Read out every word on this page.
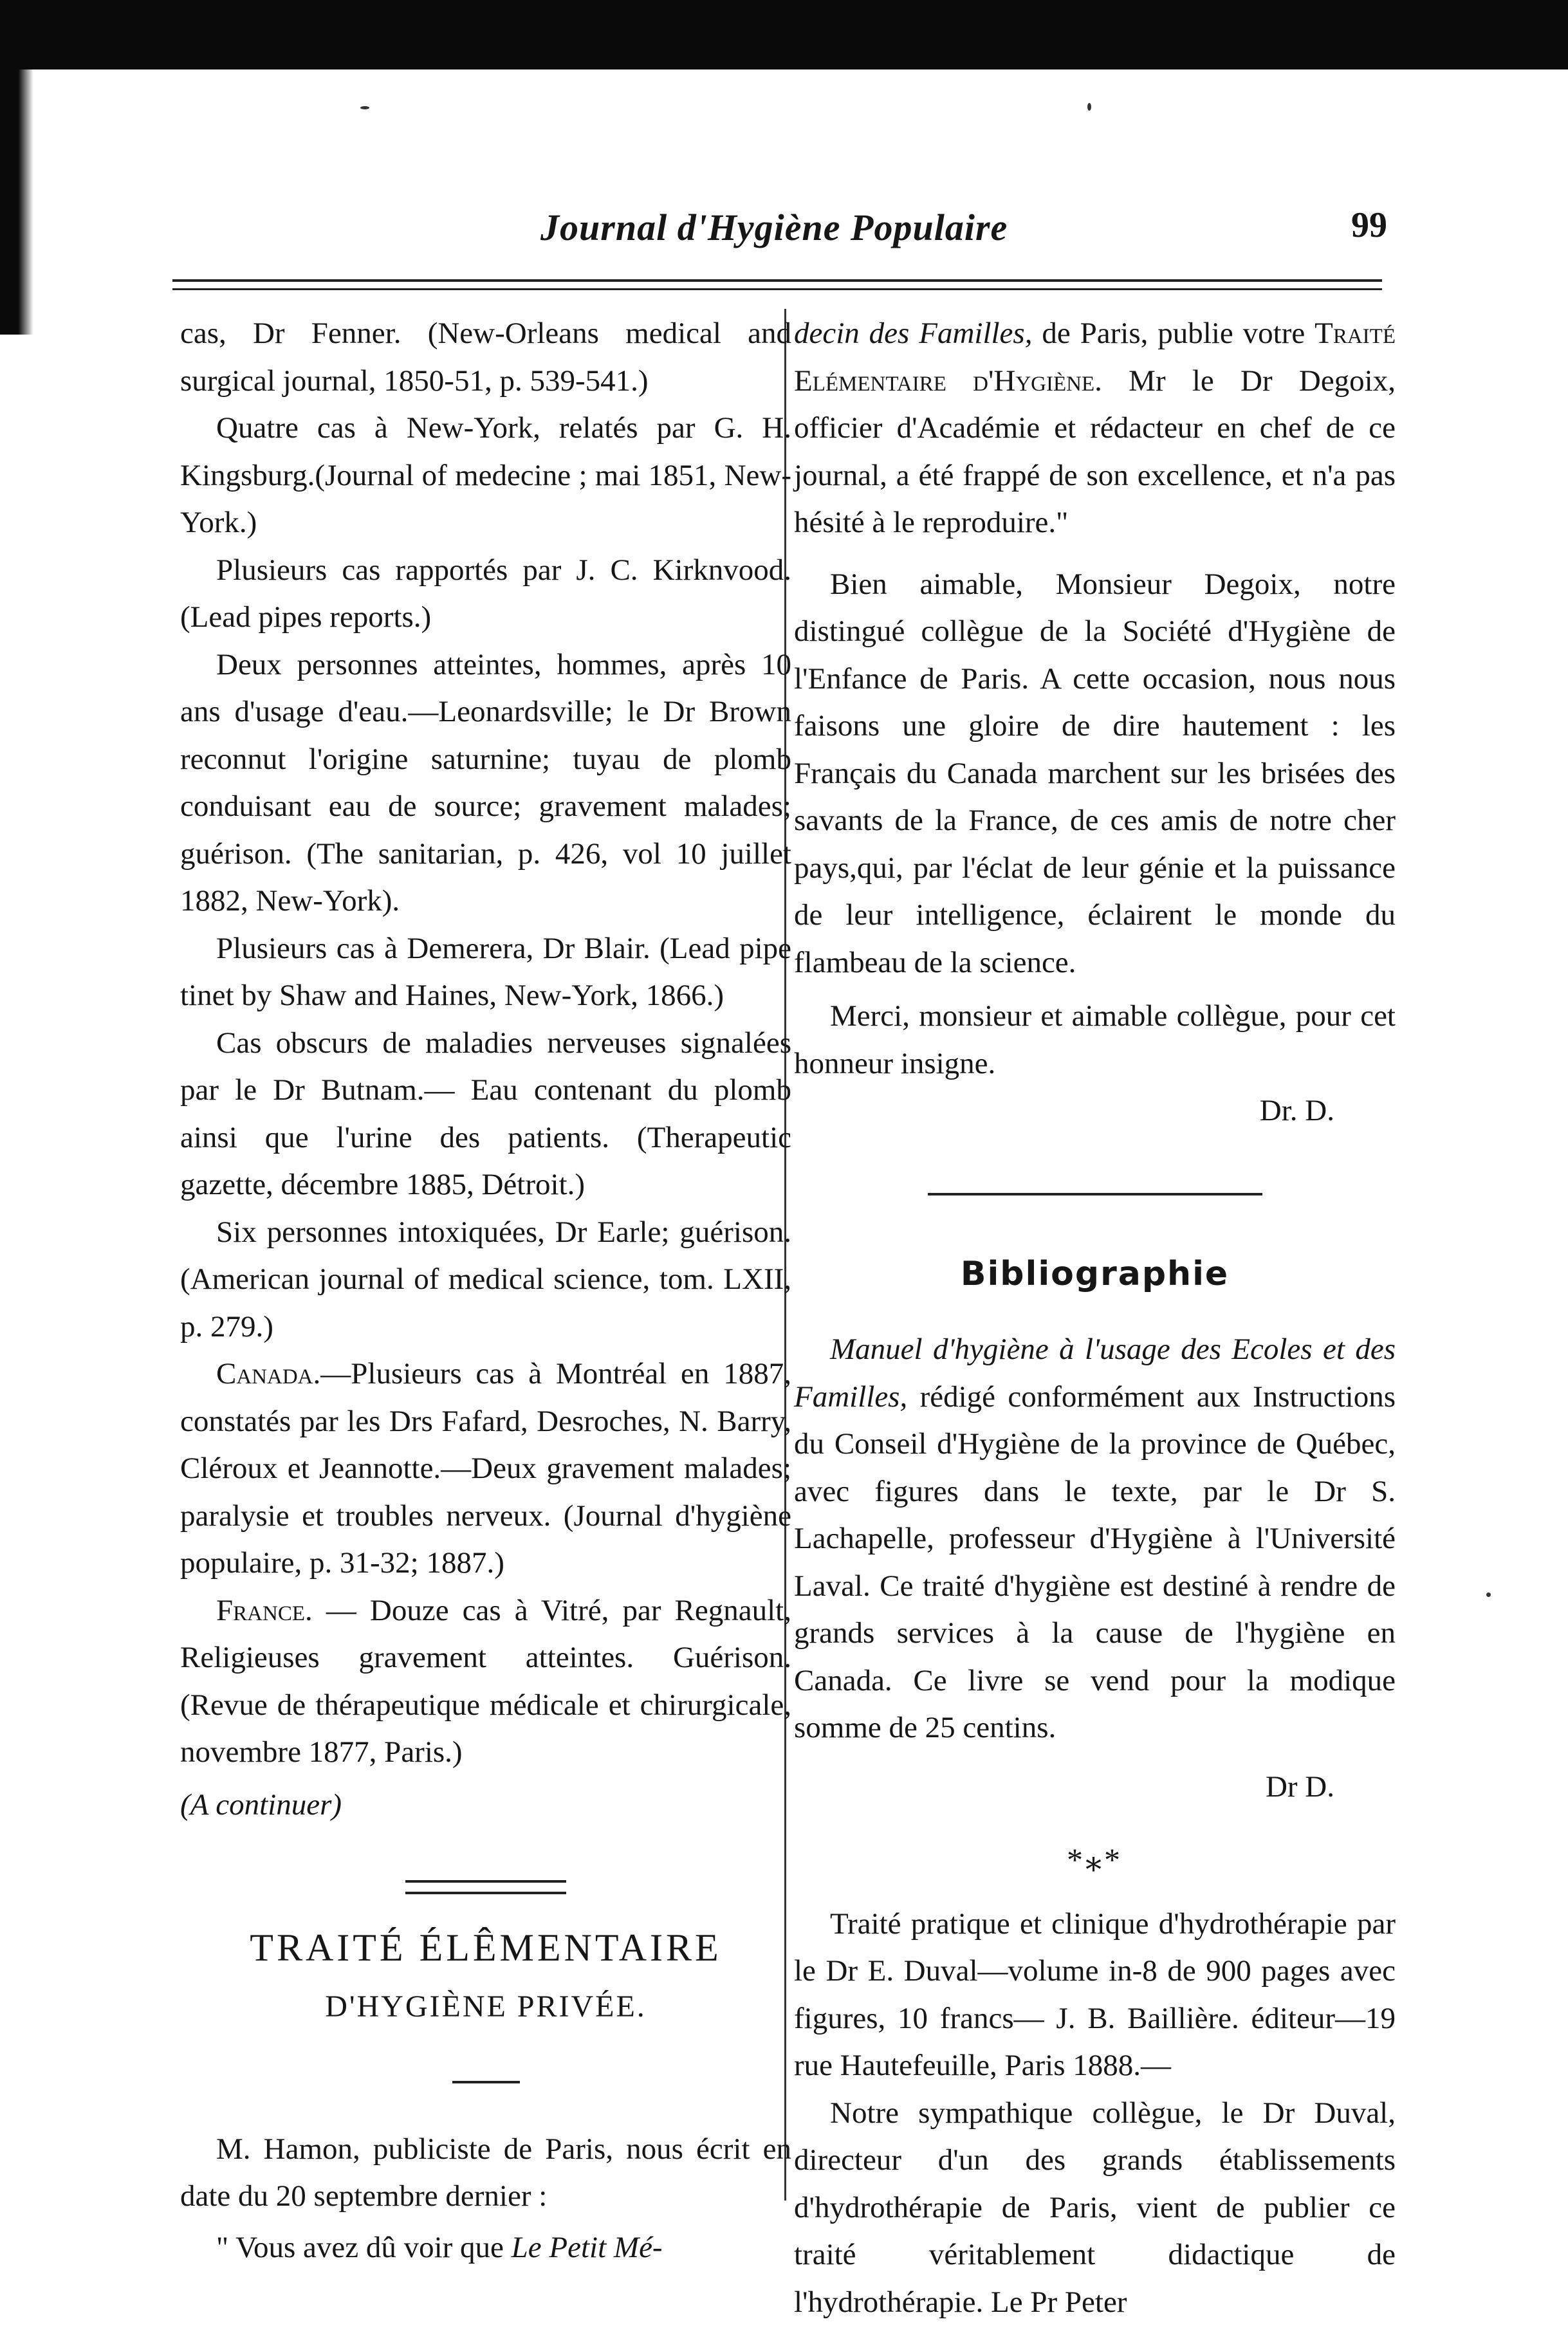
Journal d'Hygiène Populaire	99

cas, Dr Fenner. (New-Orleans medical and surgical journal, 1850-51, p. 539-541.)

Quatre cas à New-York, relatés par G. H. Kingsburg.(Journal of medecine ; mai 1851, New-York.)

Plusieurs cas rapportés par J. C. Kirknvood. (Lead pipes reports.)

Deux personnes atteintes, hommes, après 10 ans d'usage d'eau.—Leonardsville; le Dr Brown reconnut l'origine saturnine; tuyau de plomb conduisant eau de source; gravement malades; guérison. (The sanitarian, p. 426, vol 10 juillet 1882, New-York).

Plusieurs cas à Demerera, Dr Blair. (Lead pipe tinet by Shaw and Haines, New-York, 1866.)

Cas obscurs de maladies nerveuses signalées par le Dr Butnam.— Eau contenant du plomb ainsi que l'urine des patients. (Therapeutic gazette, décembre 1885, Détroit.)

Six personnes intoxiquées, Dr Earle; guérison. (American journal of medical science, tom. LXII, p. 279.)

Canada.—Plusieurs cas à Montréal en 1887, constatés par les Drs Fafard, Desroches, N. Barry, Cléroux et Jeannotte.—Deux gravement malades; paralysie et troubles nerveux. (Journal d'hygiène populaire, p. 31-32; 1887.)

France. — Douze cas à Vitré, par Regnault, Religieuses gravement atteintes. Guérison. (Revue de thérapeutique médicale et chirurgicale, novembre 1877, Paris.)

(A continuer)

TRAITÉ ÉLÊMENTAIRE

D'HYGIÈNE PRIVÉE.

M. Hamon, publiciste de Paris, nous écrit en date du 20 septembre dernier :

" Vous avez dû voir que Le Petit Mé-

decin des Familles, de Paris, publie votre Traité Elémentaire d'Hygiène. Mr le Dr Degoix, officier d'Académie et rédacteur en chef de ce journal, a été frappé de son excellence, et n'a pas hésité à le reproduire."

Bien aimable, Monsieur Degoix, notre distingué collègue de la Société d'Hygiène de l'Enfance de Paris. A cette occasion, nous nous faisons une gloire de dire hautement : les Français du Canada marchent sur les brisées des savants de la France, de ces amis de notre cher pays,qui, par l'éclat de leur génie et la puissance de leur intelligence, éclairent le monde du flambeau de la science.

Merci, monsieur et aimable collègue, pour cet honneur insigne.

Dr. D.

Bibliographie

Manuel d'hygiène à l'usage des Ecoles et des Familles, rédigé conformément aux Instructions du Conseil d'Hygiène de la province de Québec, avec figures dans le texte, par le Dr S. Lachapelle, professeur d'Hygiène à l'Université Laval. Ce traité d'hygiène est destiné à rendre de grands services à la cause de l'hygiène en Canada. Ce livre se vend pour la modique somme de 25 centins.

Dr D.

*⁎*

Traité pratique et clinique d'hydrothérapie par le Dr E. Duval—volume in-8 de 900 pages avec figures, 10 francs— J. B. Baillière. éditeur—19 rue Hautefeuille, Paris 1888.—

Notre sympathique collègue, le Dr Duval, directeur d'un des grands établissements d'hydrothérapie de Paris, vient de publier ce traité véritablement didactique de l'hydrothérapie. Le Pr Peter
